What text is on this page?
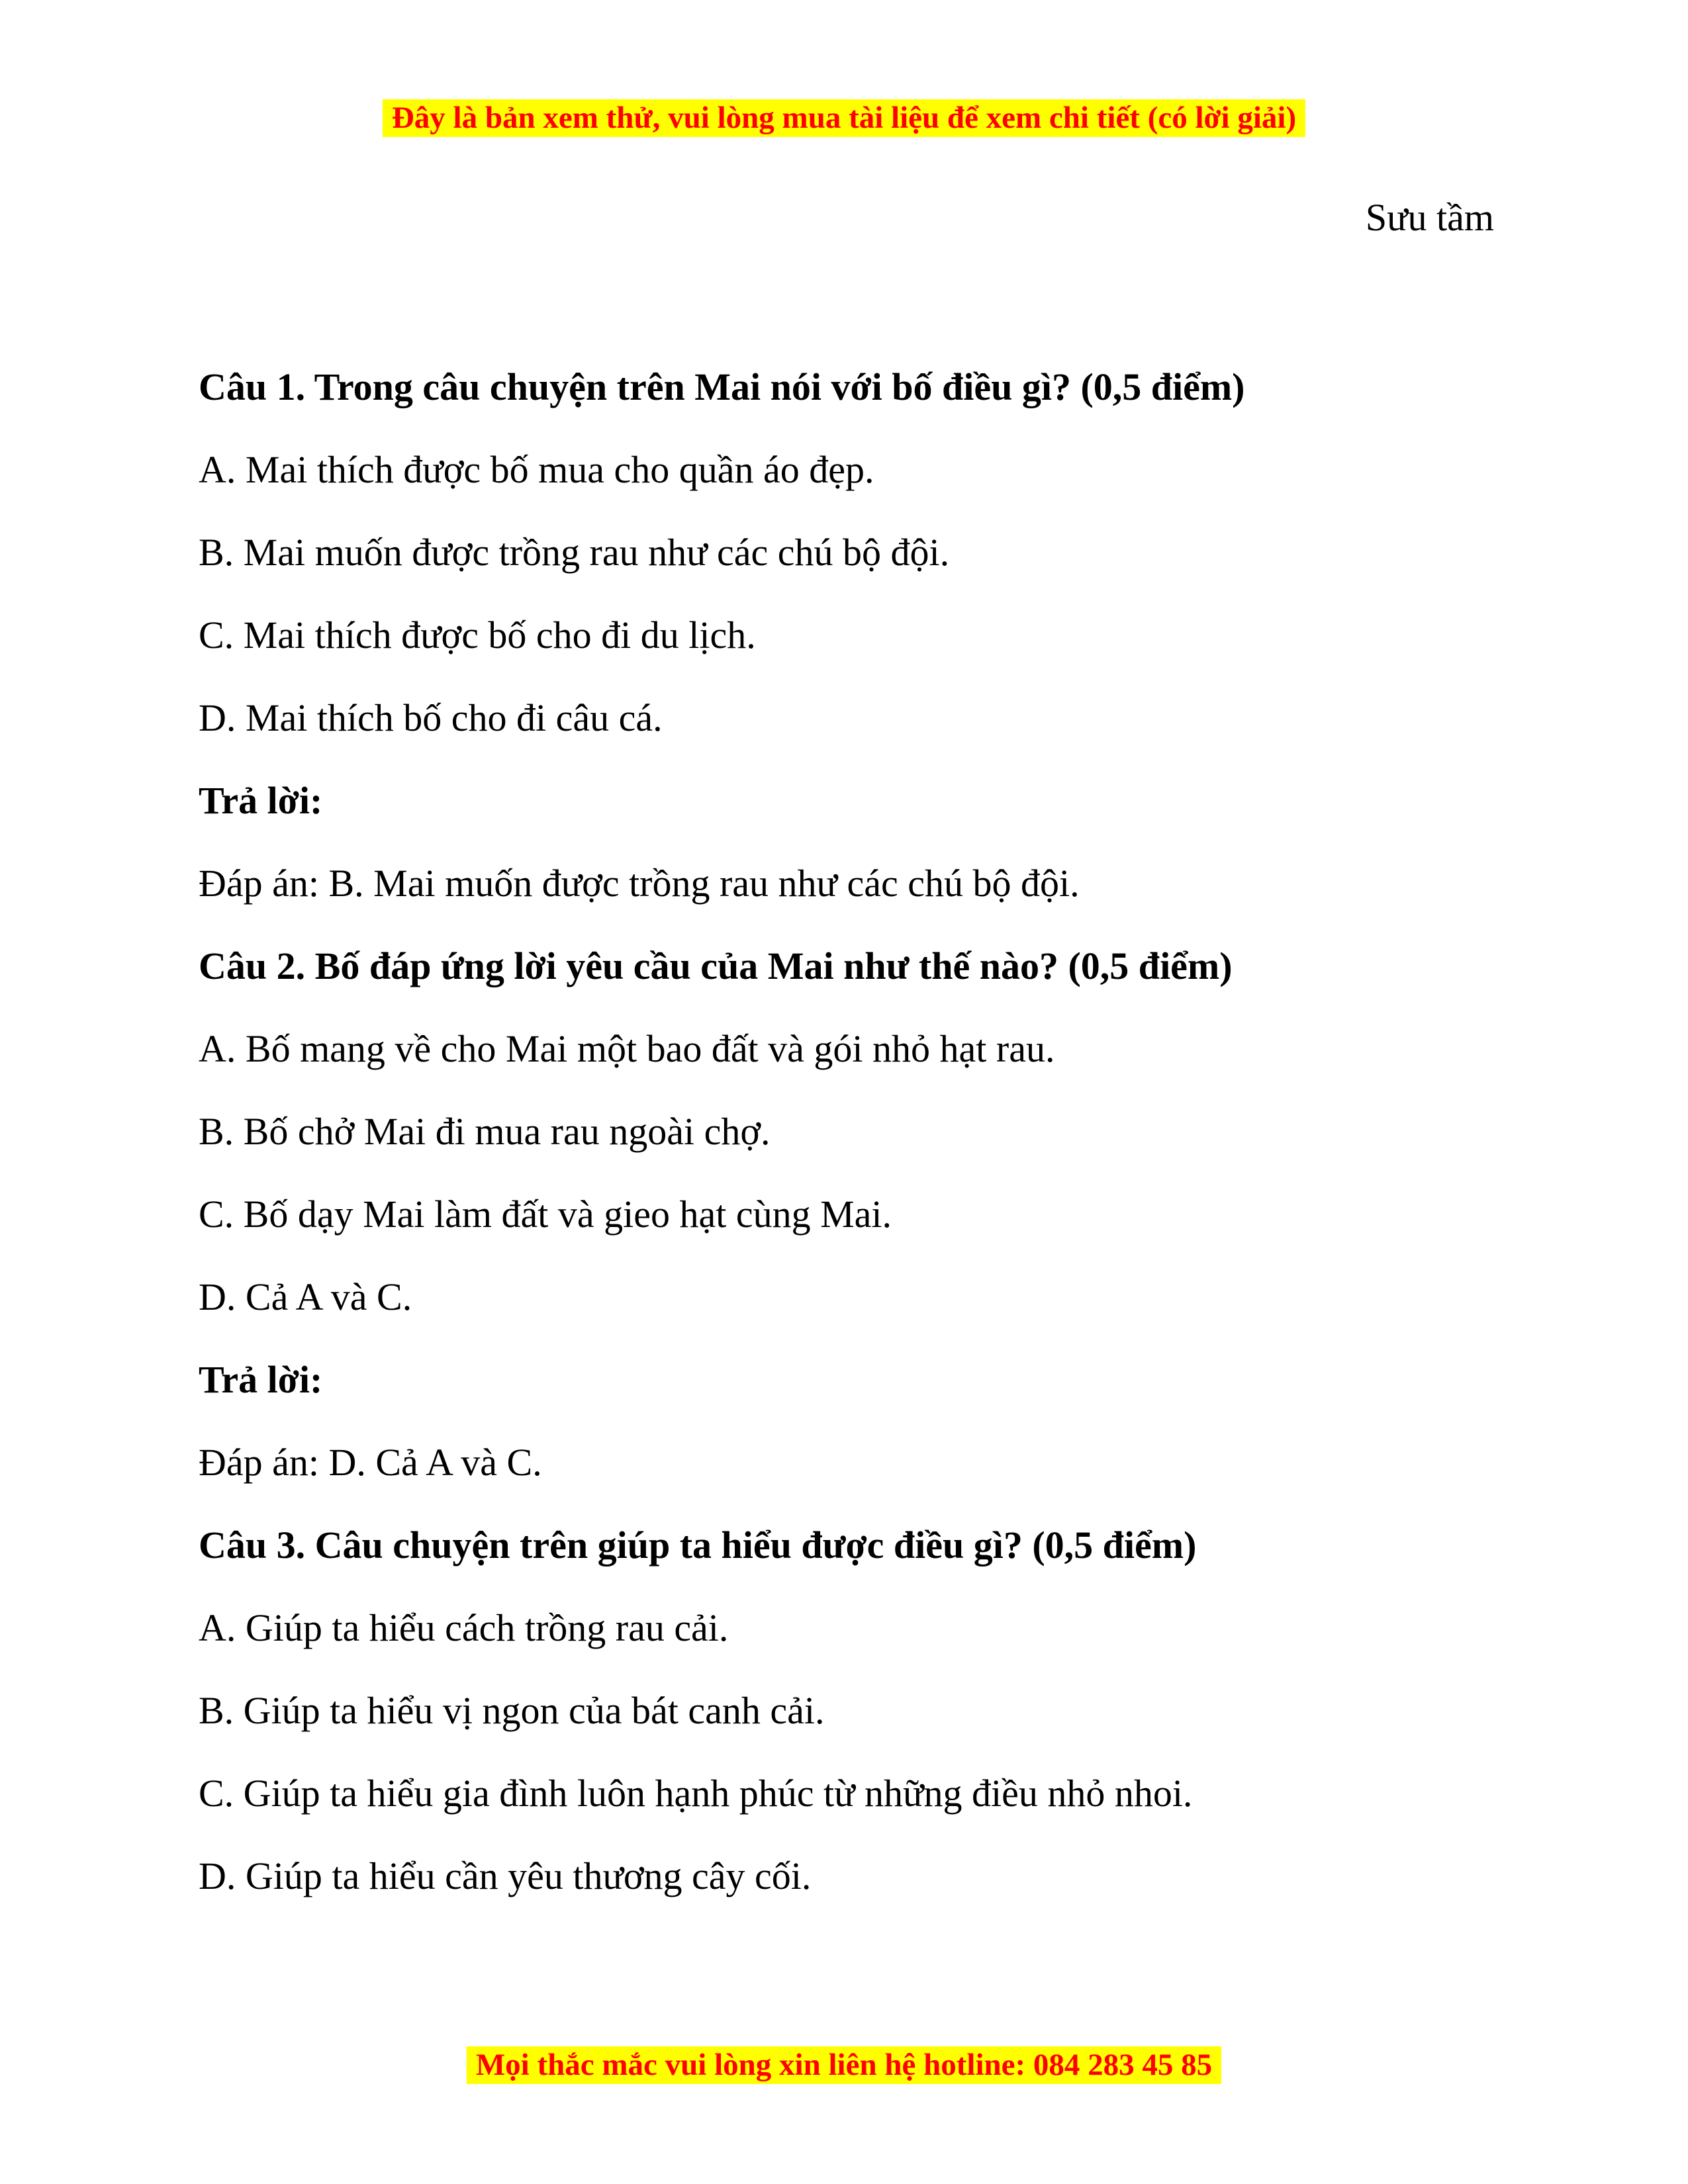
Đây là bản xem thử, vui lòng mua tài liệu để xem chi tiết (có lời giải)
Sưu tầm

Câu 1. Trong câu chuyện trên Mai nói với bố điều gì? (0,5 điểm)

A. Mai thích được bố mua cho quần áo đẹp.

B. Mai muốn được trồng rau như các chú bộ đội.

C. Mai thích được bố cho đi du lịch.

D. Mai thích bố cho đi câu cá.

Trả lời:

Đáp án: B. Mai muốn được trồng rau như các chú bộ đội.

Câu 2. Bố đáp ứng lời yêu cầu của Mai như thế nào? (0,5 điểm)

A. Bố mang về cho Mai một bao đất và gói nhỏ hạt rau.

B. Bố chở Mai đi mua rau ngoài chợ.

C. Bố dạy Mai làm đất và gieo hạt cùng Mai.

D. Cả A và C.

Trả lời:

Đáp án: D. Cả A và C.

Câu 3. Câu chuyện trên giúp ta hiểu được điều gì? (0,5 điểm)

A. Giúp ta hiểu cách trồng rau cải.

B. Giúp ta hiểu vị ngon của bát canh cải.

C. Giúp ta hiểu gia đình luôn hạnh phúc từ những điều nhỏ nhoi.

D. Giúp ta hiểu cần yêu thương cây cối.

Mọi thắc mắc vui lòng xin liên hệ hotline: 084 283 45 85
